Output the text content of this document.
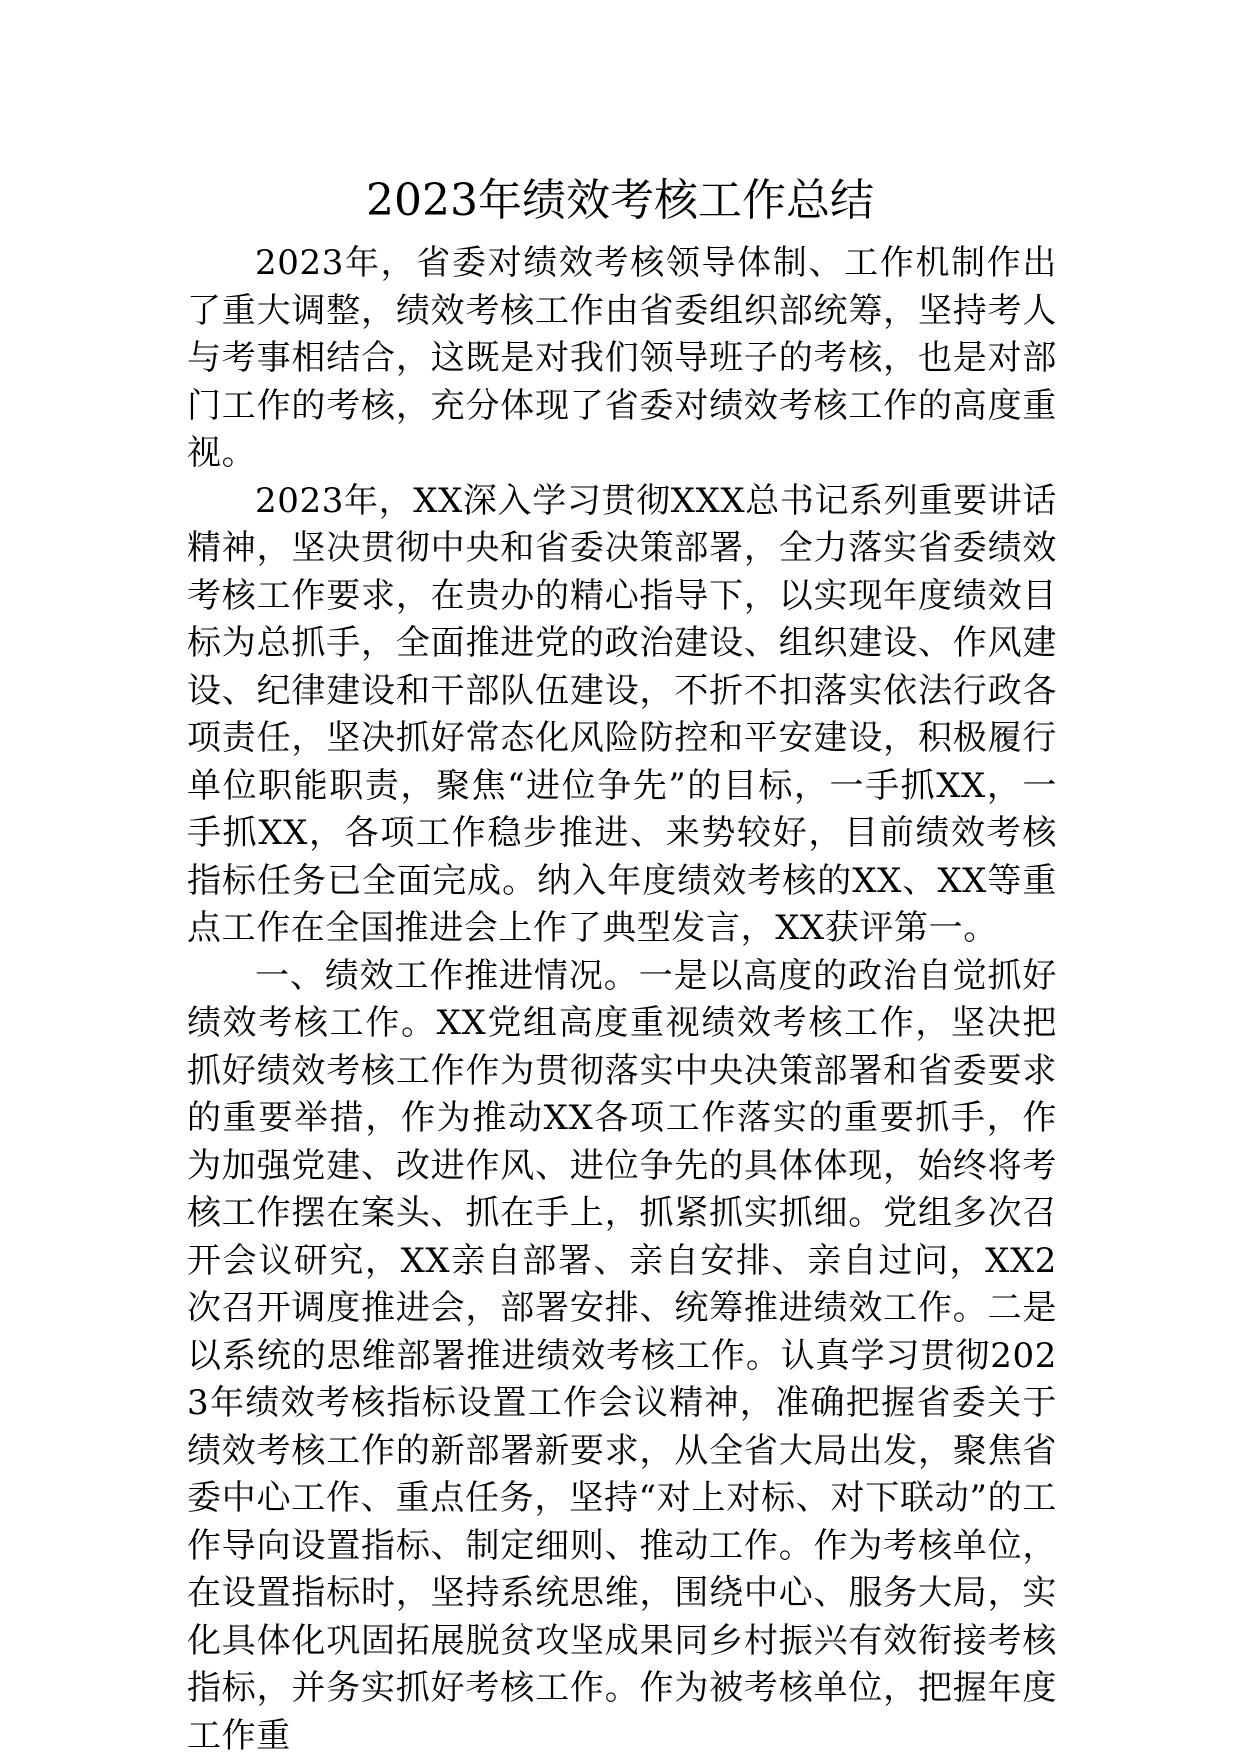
2023年绩效考核工作总结

2023年，省委对绩效考核领导体制、工作机制作出了重大调整，绩效考核工作由省委组织部统筹，坚持考人与考事相结合，这既是对我们领导班子的考核，也是对部门工作的考核，充分体现了省委对绩效考核工作的高度重视。

2023年，XX深入学习贯彻XXX总书记系列重要讲话精神，坚决贯彻中央和省委决策部署，全力落实省委绩效考核工作要求，在贵办的精心指导下，以实现年度绩效目标为总抓手，全面推进党的政治建设、组织建设、作风建设、纪律建设和干部队伍建设，不折不扣落实依法行政各项责任，坚决抓好常态化风险防控和平安建设，积极履行单位职能职责，聚焦“进位争先”的目标，一手抓XX，一手抓XX，各项工作稳步推进、来势较好，目前绩效考核指标任务已全面完成。纳入年度绩效考核的XX、XX等重点工作在全国推进会上作了典型发言，XX获评第一。

一、绩效工作推进情况。一是以高度的政治自觉抓好绩效考核工作。XX党组高度重视绩效考核工作，坚决把抓好绩效考核工作作为贯彻落实中央决策部署和省委要求的重要举措，作为推动XX各项工作落实的重要抓手，作为加强党建、改进作风、进位争先的具体体现，始终将考核工作摆在案头、抓在手上，抓紧抓实抓细。党组多次召开会议研究，XX亲自部署、亲自安排、亲自过问，XX2次召开调度推进会，部署安排、统筹推进绩效工作。二是以系统的思维部署推进绩效考核工作。认真学习贯彻2023年绩效考核指标设置工作会议精神，准确把握省委关于绩效考核工作的新部署新要求，从全省大局出发，聚焦省委中心工作、重点任务，坚持“对上对标、对下联动”的工作导向设置指标、制定细则、推动工作。作为考核单位，在设置指标时，坚持系统思维，围绕中心、服务大局，实化具体化巩固拓展脱贫攻坚成果同乡村振兴有效衔接考核指标，并务实抓好考核工作。作为被考核单位，把握年度工作重
